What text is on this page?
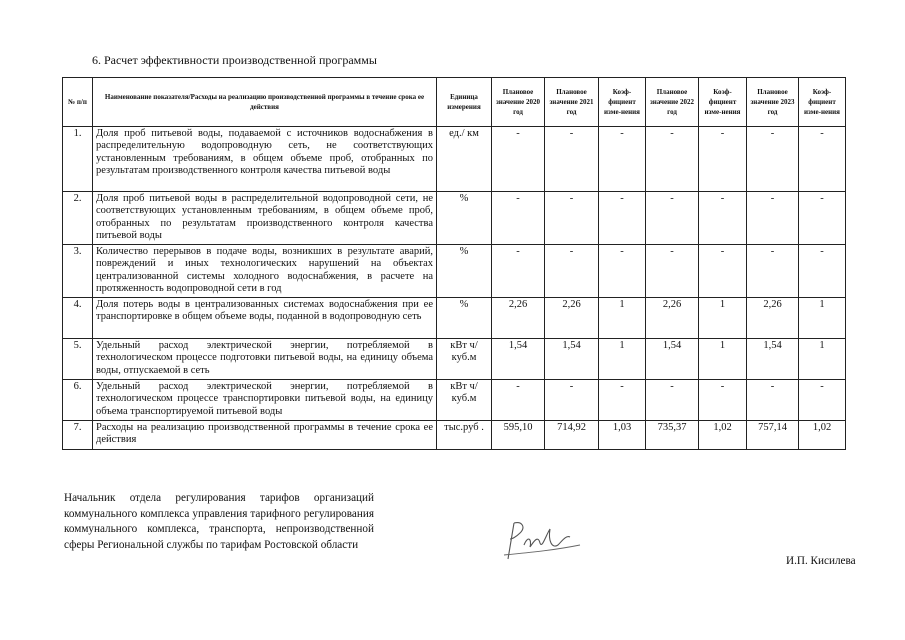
6. Расчет эффективности производственной программы
№ п/п	Наименование показателя/Расходы на реализацию производственной программы в течение срока ее действия	Единица измерения	Плановое значение 2020 год	Плановое значение 2021 год	Коэф-фициент изме-нения	Плановое значение 2022 год	Коэф-фициент изме-нения	Плановое значение 2023 год	Коэф-фициент изме-нения
1.	Доля проб питьевой воды, подаваемой с источников водоснабжения в распределительную водопроводную сеть, не соответствующих установленным требованиям, в общем объеме проб, отобранных по результатам производственного контроля качества питьевой воды	ед./ км	-	-	-	-	-	-	-
2.	Доля проб питьевой воды в распределительной водопроводной сети, не соответствующих установленным требованиям, в общем объеме проб, отобранных по результатам производственного контроля качества питьевой воды	%	-	-	-	-	-	-	-
3.	Количество перерывов в подаче воды, возникших в результате аварий, повреждений и иных технологических нарушений на объектах централизованной системы холодного водоснабжения, в расчете на протяженность водопроводной сети в год	%	-	-	-	-	-	-	-
4.	Доля потерь воды в централизованных системах водоснабжения при ее транспортировке в общем объеме воды, поданной в водопроводную сеть	%	2,26	2,26	1	2,26	1	2,26	1
5.	Удельный расход электрической энергии, потребляемой в технологическом процессе подготовки питьевой воды, на единицу объема воды, отпускаемой в сеть	кВт ч/куб.м	1,54	1,54	1	1,54	1	1,54	1
6.	Удельный расход электрической энергии, потребляемой в технологическом процессе транспортировки питьевой воды, на единицу объема транспортируемой питьевой воды	кВт ч/куб.м	-	-	-	-	-	-	-
7.	Расходы на реализацию производственной программы в течение срока ее действия	тыс.руб .	595,10	714,92	1,03	735,37	1,02	757,14	1,02
Начальник отдела регулирования тарифов организаций коммунального комплекса управления тарифного регулирования коммунального комплекса, транспорта, непроизводственной сферы Региональной службы по тарифам Ростовской области
И.П. Кисилева
